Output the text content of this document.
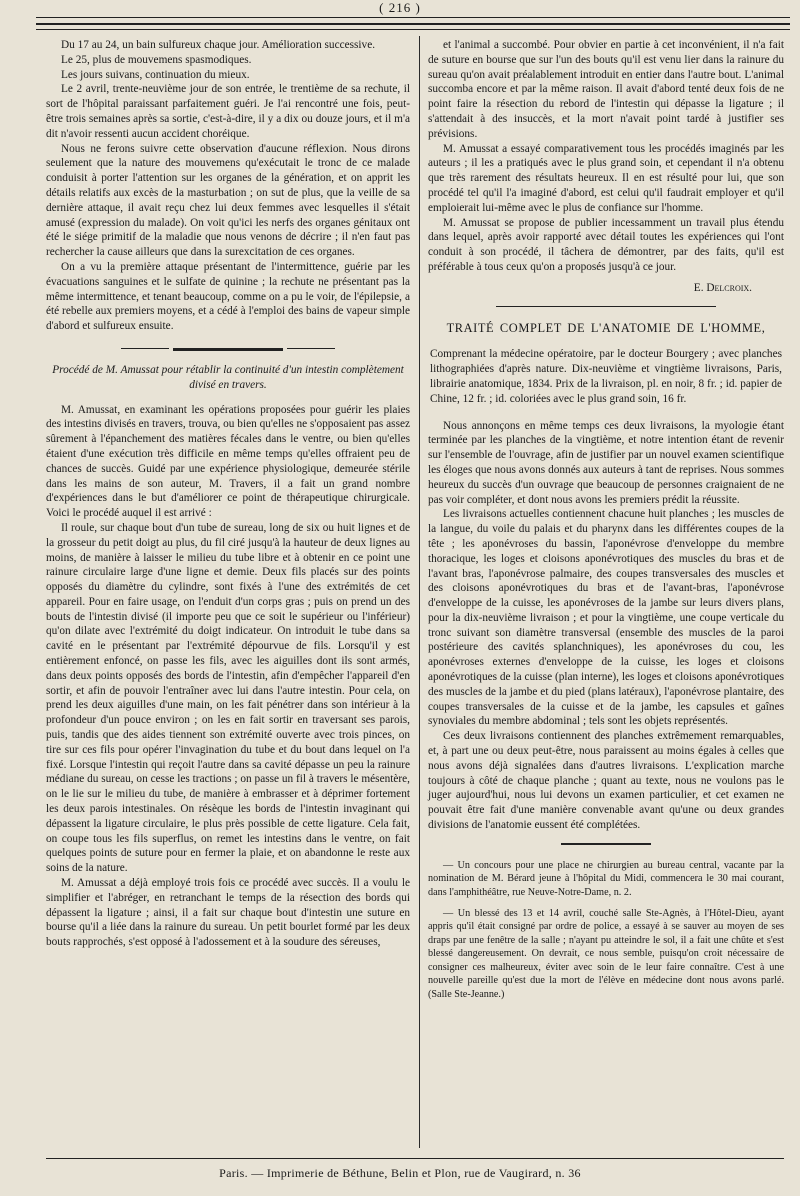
( 216 )

Du 17 au 24, un bain sulfureux chaque jour. Amélioration successive.

Le 25, plus de mouvemens spasmodiques.

Les jours suivans, continuation du mieux.

Le 2 avril, trente-neuvième jour de son entrée, le trentième de sa rechute, il sort de l'hôpital paraissant parfaitement guéri. Je l'ai rencontré une fois, peut-être trois semaines après sa sortie, c'est-à-dire, il y a dix ou douze jours, et il m'a dit n'avoir ressenti aucun accident choréique.

Nous ne ferons suivre cette observation d'aucune réflexion. Nous dirons seulement que la nature des mouvemens qu'exécutait le tronc de ce malade conduisit à porter l'attention sur les organes de la génération, et on apprit les détails relatifs aux excès de la masturbation ; on sut de plus, que la veille de sa dernière attaque, il avait reçu chez lui deux femmes avec lesquelles il s'était amusé (expression du malade). On voit qu'ici les nerfs des organes génitaux ont été le siége primitif de la maladie que nous venons de décrire ; il n'en faut pas rechercher la cause ailleurs que dans la surexcitation de ces organes.

On a vu la première attaque présentant de l'intermittence, guérie par les évacuations sanguines et le sulfate de quinine ; la rechute ne présentant pas la même intermittence, et tenant beaucoup, comme on a pu le voir, de l'épilepsie, a été rebelle aux premiers moyens, et a cédé à l'emploi des bains de vapeur simple d'abord et sulfureux ensuite.

Procédé de M. Amussat pour rétablir la continuité d'un intestin complètement divisé en travers.

M. Amussat, en examinant les opérations proposées pour guérir les plaies des intestins divisés en travers, trouva, ou bien qu'elles ne s'opposaient pas assez sûrement à l'épanchement des matières fécales dans le ventre, ou bien qu'elles étaient d'une exécution très difficile en même temps qu'elles offraient peu de chances de succès. Guidé par une expérience physiologique, demeurée stérile dans les mains de son auteur, M. Travers, il a fait un grand nombre d'expériences dans le but d'améliorer ce point de thérapeutique chirurgicale. Voici le procédé auquel il est arrivé :

Il roule, sur chaque bout d'un tube de sureau, long de six ou huit lignes et de la grosseur du petit doigt au plus, du fil ciré jusqu'à la hauteur de deux lignes au moins, de manière à laisser le milieu du tube libre et à obtenir en ce point une rainure circulaire large d'une ligne et demie. Deux fils placés sur des points opposés du diamètre du cylindre, sont fixés à l'une des extrémités de cet appareil. Pour en faire usage, on l'enduit d'un corps gras ; puis on prend un des bouts de l'intestin divisé (il importe peu que ce soit le supérieur ou l'inférieur) qu'on dilate avec l'extrémité du doigt indicateur. On introduit le tube dans sa cavité en le présentant par l'extrémité dépourvue de fils. Lorsqu'il y est entièrement enfoncé, on passe les fils, avec les aiguilles dont ils sont armés, dans deux points opposés des bords de l'intestin, afin d'empêcher l'appareil d'en sortir, et afin de pouvoir l'entraîner avec lui dans l'autre intestin. Pour cela, on prend les deux aiguilles d'une main, on les fait pénétrer dans son intérieur à la profondeur d'un pouce environ ; on les en fait sortir en traversant ses parois, puis, tandis que des aides tiennent son extrémité ouverte avec trois pinces, on tire sur ces fils pour opérer l'invagination du tube et du bout dans lequel on l'a fixé. Lorsque l'intestin qui reçoit l'autre dans sa cavité dépasse un peu la rainure médiane du sureau, on cesse les tractions ; on passe un fil à travers le mésentère, on le lie sur le milieu du tube, de manière à embrasser et à déprimer fortement les deux parois intestinales. On résèque les bords de l'intestin invaginant qui dépassent la ligature circulaire, le plus près possible de cette ligature. Cela fait, on coupe tous les fils superflus, on remet les intestins dans le ventre, on fait quelques points de suture pour en fermer la plaie, et on abandonne le reste aux soins de la nature.

M. Amussat a déjà employé trois fois ce procédé avec succès. Il a voulu le simplifier et l'abréger, en retranchant le temps de la résection des bords qui dépassent la ligature ; ainsi, il a fait sur chaque bout d'intestin une suture en bourse qu'il a liée dans la rainure du sureau. Un petit bourlet formé par les deux bouts rapprochés, s'est opposé à l'adossement et à la soudure des séreuses,

et l'animal a succombé. Pour obvier en partie à cet inconvénient, il n'a fait de suture en bourse que sur l'un des bouts qu'il est venu lier dans la rainure du sureau qu'on avait préalablement introduit en entier dans l'autre bout. L'animal succomba encore et par la même raison. Il avait d'abord tenté deux fois de ne point faire la résection du rebord de l'intestin qui dépasse la ligature ; il s'attendait à des insuccès, et la mort n'avait point tardé à justifier ses prévisions.

M. Amussat a essayé comparativement tous les procédés imaginés par les auteurs ; il les a pratiqués avec le plus grand soin, et cependant il n'a obtenu que très rarement des résultats heureux. Il en est résulté pour lui, que son procédé tel qu'il l'a imaginé d'abord, est celui qu'il faudrait employer et qu'il emploierait lui-même avec le plus de confiance sur l'homme.

M. Amussat se propose de publier incessamment un travail plus étendu dans lequel, après avoir rapporté avec détail toutes les expériences qui l'ont conduit à son procédé, il tâchera de démontrer, par des faits, qu'il est préférable à tous ceux qu'on a proposés jusqu'à ce jour.

E. Delcroix.

TRAITÉ COMPLET DE L'ANATOMIE DE L'HOMME,

Comprenant la médecine opératoire, par le docteur Bourgery ; avec planches lithographiées d'après nature. Dix-neuvième et vingtième livraisons, Paris, librairie anatomique, 1834. Prix de la livraison, pl. en noir, 8 fr. ; id. papier de Chine, 12 fr. ; id. coloriées avec le plus grand soin, 16 fr.

Nous annonçons en même temps ces deux livraisons, la myologie étant terminée par les planches de la vingtième, et notre intention étant de revenir sur l'ensemble de l'ouvrage, afin de justifier par un nouvel examen scientifique les éloges que nous avons donnés aux auteurs à tant de reprises. Nous sommes heureux du succès d'un ouvrage que beaucoup de personnes craignaient de ne pas voir compléter, et dont nous avons les premiers prédit la réussite.

Les livraisons actuelles contiennent chacune huit planches ; les muscles de la langue, du voile du palais et du pharynx dans les différentes coupes de la tête ; les aponévroses du bassin, l'aponévrose d'enveloppe du membre thoracique, les loges et cloisons aponévrotiques des muscles du bras et de l'avant bras, l'aponévrose palmaire, des coupes transversales des muscles et des cloisons aponévrotiques du bras et de l'avant-bras, l'aponévrose d'enveloppe de la cuisse, les aponévroses de la jambe sur leurs divers plans, pour la dix-neuvième livraison ; et pour la vingtième, une coupe verticale du tronc suivant son diamètre transversal (ensemble des muscles de la paroi postérieure des cavités splanchniques), les aponévroses du cou, les aponévroses externes d'enveloppe de la cuisse, les loges et cloisons aponévrotiques de la cuisse (plan interne), les loges et cloisons aponévrotiques des muscles de la jambe et du pied (plans latéraux), l'aponévrose plantaire, des coupes transversales de la cuisse et de la jambe, les capsules et gaînes synoviales du membre abdominal ; tels sont les objets représentés.

Ces deux livraisons contiennent des planches extrêmement remarquables, et, à part une ou deux peut-être, nous paraissent au moins égales à celles que nous avons déjà signalées dans d'autres livraisons. L'explication marche toujours à côté de chaque planche ; quant au texte, nous ne voulons pas le juger aujourd'hui, nous lui devons un examen particulier, et cet examen ne pouvait être fait d'une manière convenable avant qu'une ou deux grandes divisions de l'anatomie eussent été complétées.

— Un concours pour une place ne chirurgien au bureau central, vacante par la nomination de M. Bérard jeune à l'hôpital du Midi, commencera le 30 mai courant, dans l'amphithéâtre, rue Neuve-Notre-Dame, n. 2.

— Un blessé des 13 et 14 avril, couché salle Ste-Agnès, à l'Hôtel-Dieu, ayant appris qu'il était consigné par ordre de police, a essayé à se sauver au moyen de ses draps par une fenêtre de la salle ; n'ayant pu atteindre le sol, il a fait une chûte et s'est blessé dangereusement. On devrait, ce nous semble, puisqu'on croit nécessaire de consigner ces malheureux, éviter avec soin de le leur faire connaître. C'est à une nouvelle pareille qu'est due la mort de l'élève en médecine dont nous avons parlé. (Salle Ste-Jeanne.)

Paris. — Imprimerie de Béthune, Belin et Plon, rue de Vaugirard, n. 36
